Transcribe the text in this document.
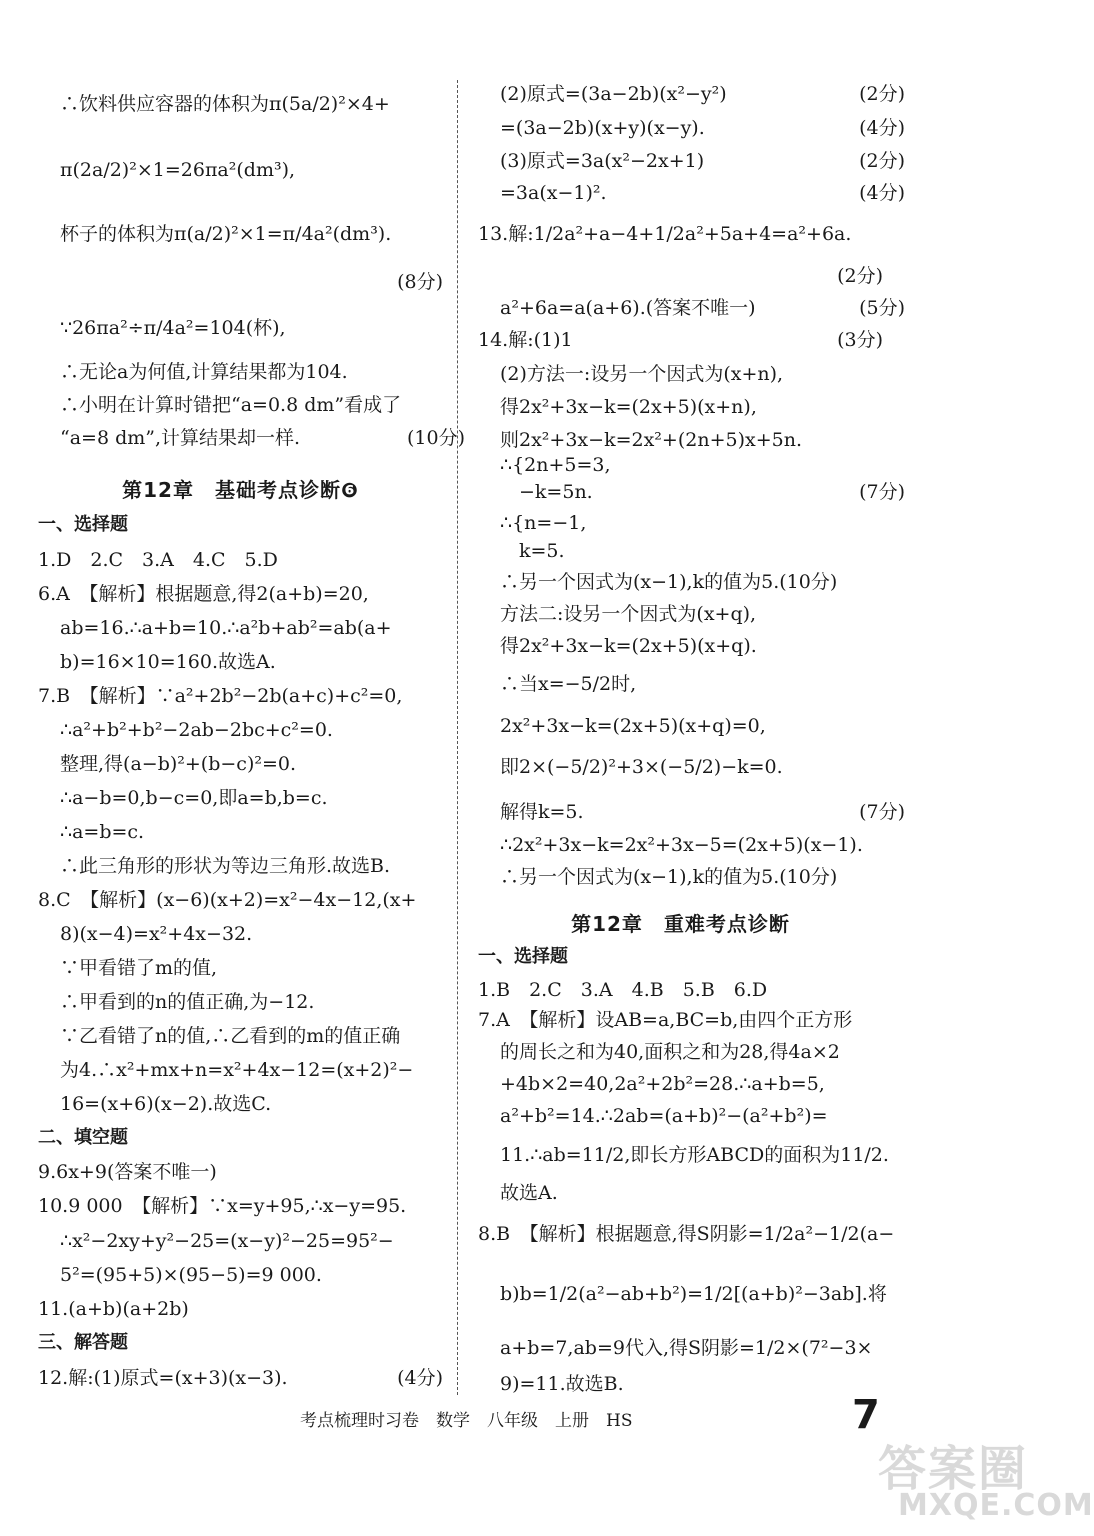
∴饮料供应容器的体积为π(5a/2)²×4+
π(2a/2)²×1=26πa²(dm³),
杯子的体积为π(a/2)²×1=π/4a²(dm³).
(8分)
∵26πa²÷π/4a²=104(杯),
∴无论a为何值,计算结果都为104.
∴小明在计算时错把“a=0.8 dm”看成了
“a=8 dm”,计算结果却一样.	(10分)
第12章　基础考点诊断❻
一、选择题
1.D　2.C　3.A　4.C　5.D
6.A　【解析】根据题意,得2(a+b)=20,
ab=16.∴a+b=10.∴a²b+ab²=ab(a+
b)=16×10=160.故选A.
7.B　【解析】∵a²+2b²−2b(a+c)+c²=0,
∴a²+b²+b²−2ab−2bc+c²=0.
整理,得(a−b)²+(b−c)²=0.
∴a−b=0,b−c=0,即a=b,b=c.
∴a=b=c.
∴此三角形的形状为等边三角形.故选B.
8.C　【解析】(x−6)(x+2)=x²−4x−12,(x+
8)(x−4)=x²+4x−32.
∵甲看错了m的值,
∴甲看到的n的值正确,为−12.
∵乙看错了n的值,∴乙看到的m的值正确
为4.∴x²+mx+n=x²+4x−12=(x+2)²−
16=(x+6)(x−2).故选C.
二、填空题
9.6x+9(答案不唯一)
10.9 000　【解析】∵x=y+95,∴x−y=95.
∴x²−2xy+y²−25=(x−y)²−25=95²−
5²=(95+5)×(95−5)=9 000.
11.(a+b)(a+2b)
三、解答题
12.解:(1)原式=(x+3)(x−3).	(4分)
(2)原式=(3a−2b)(x²−y²)	(2分)
=(3a−2b)(x+y)(x−y).	(4分)
(3)原式=3a(x²−2x+1)	(2分)
=3a(x−1)².	(4分)
13.解:1/2a²+a−4+1/2a²+5a+4=a²+6a.
(2分)
a²+6a=a(a+6).(答案不唯一)	(5分)
14.解:(1)1	(3分)
(2)方法一:设另一个因式为(x+n),
得2x²+3x−k=(2x+5)(x+n),
则2x²+3x−k=2x²+(2n+5)x+5n.
∴{2n+5=3,
　−k=5n.	(7分)
∴{n=−1,
　k=5.
∴另一个因式为(x−1),k的值为5.(10分)
方法二:设另一个因式为(x+q),
得2x²+3x−k=(2x+5)(x+q).
∴当x=−5/2时,
2x²+3x−k=(2x+5)(x+q)=0,
即2×(−5/2)²+3×(−5/2)−k=0.
解得k=5.	(7分)
∴2x²+3x−k=2x²+3x−5=(2x+5)(x−1).
∴另一个因式为(x−1),k的值为5.(10分)
第12章　重难考点诊断
一、选择题
1.B　2.C　3.A　4.B　5.B　6.D
7.A　【解析】设AB=a,BC=b,由四个正方形
的周长之和为40,面积之和为28,得4a×2
+4b×2=40,2a²+2b²=28.∴a+b=5,
a²+b²=14.∴2ab=(a+b)²−(a²+b²)=
11.∴ab=11/2,即长方形ABCD的面积为11/2.
故选A.
8.B　【解析】根据题意,得S阴影=1/2a²−1/2(a−
b)b=1/2(a²−ab+b²)=1/2[(a+b)²−3ab].将
a+b=7,ab=9代入,得S阴影=1/2×(7²−3×
9)=11.故选B.
考点梳理时习卷　数学　八年级　上册　HS	7
答案圈
MXQE.COM
